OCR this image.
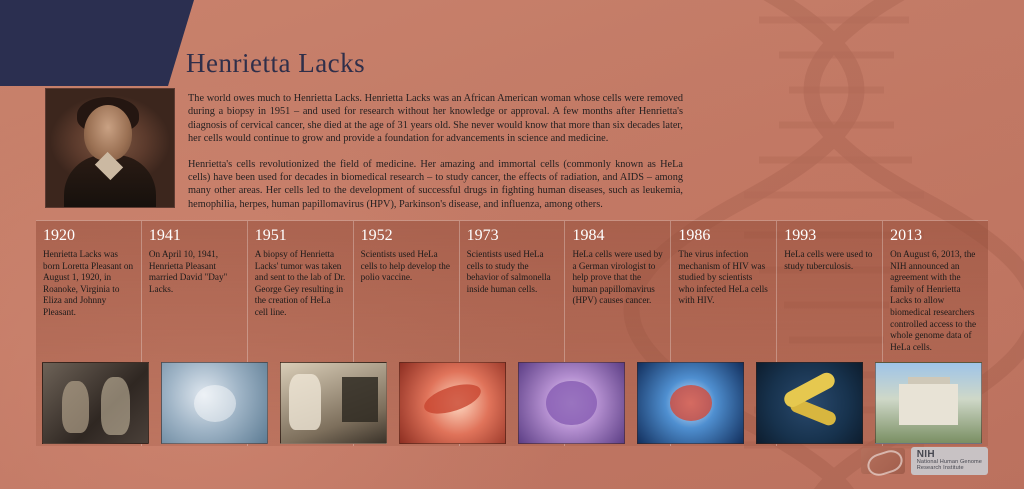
Henrietta Lacks

The world owes much to Henrietta Lacks. Henrietta Lacks was an African American woman whose cells were removed during a biopsy in 1951 – and used for research without her knowledge or approval. A few months after Henrietta's diagnosis of cervical cancer, she died at the age of 31 years old. She never would know that more than six decades later, her cells would continue to grow and provide a foundation for advancements in science and medicine.

Henrietta's cells revolutionized the field of medicine. Her amazing and immortal cells (commonly known as HeLa cells) have been used for decades in biomedical research – to study cancer, the effects of radiation, and AIDS – among many other areas. Her cells led to the development of successful drugs in fighting human diseases, such as leukemia, hemophilia, herpes, human papillomavirus (HPV), Parkinson's disease, and influenza, among others.

1920
Henrietta Lacks was born Loretta Pleasant on August 1, 1920, in Roanoke, Virginia to Eliza and Johnny Pleasant.
1941
On April 10, 1941, Henrietta Pleasant married David "Day" Lacks.
1951
A biopsy of Henrietta Lacks' tumor was taken and sent to the lab of Dr. George Gey resulting in the creation of HeLa cell line.
1952
Scientists used HeLa cells to help develop the polio vaccine.
1973
Scientists used HeLa cells to study the behavior of salmonella inside human cells.
1984
HeLa cells were used by a German virologist to help prove that the human papillomavirus (HPV) causes cancer.
1986
The virus infection mechanism of HIV was studied by scientists who infected HeLa cells with HIV.
1993
HeLa cells were used to study tuberculosis.
2013
On August 6, 2013, the NIH announced an agreement with the family of Henrietta Lacks to allow biomedical researchers controlled access to the whole genome data of HeLa cells.
NIH
National Human Genome
Research Institute
